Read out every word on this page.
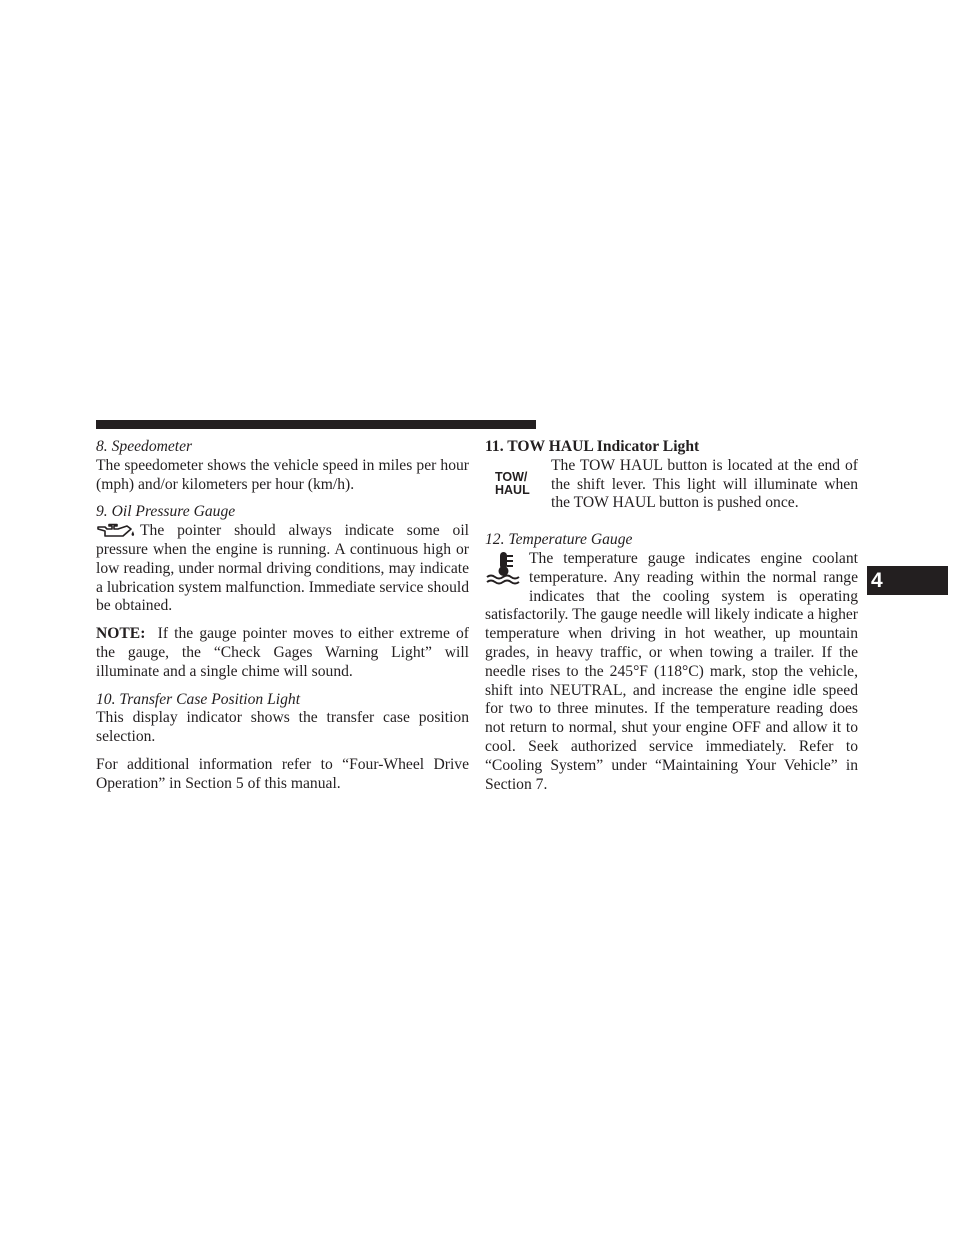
4

8. Speedometer

The speedometer shows the vehicle speed in miles per hour (mph) and/or kilometers per hour (km/h).

9. Oil Pressure Gauge

The pointer should always indicate some oil pressure when the engine is running. A continuous high or low reading, under normal driving conditions, may indicate a lubrication system malfunction. Immediate service should be obtained.

NOTE: If the gauge pointer moves to either extreme of the gauge, the “Check Gages Warning Light” will illuminate and a single chime will sound.

10. Transfer Case Position Light

This display indicator shows the transfer case position selection.

For additional information refer to “Four-Wheel Drive Operation” in Section 5 of this manual.

11. TOW HAUL Indicator Light

TOW/
HAUL

The TOW HAUL button is located at the end of the shift lever. This light will illuminate when the TOW HAUL button is pushed once.

12. Temperature Gauge

The temperature gauge indicates engine coolant temperature. Any reading within the normal range indicates that the cooling system is operating satisfactorily. The gauge needle will likely indicate a higher temperature when driving in hot weather, up mountain grades, in heavy traffic, or when towing a trailer. If the needle rises to the 245°F (118°C) mark, stop the vehicle, shift into NEUTRAL, and increase the engine idle speed for two to three minutes. If the temperature reading does not return to normal, shut your engine OFF and allow it to cool. Seek authorized service immediately. Refer to “Cooling System” under “Maintaining Your Vehicle” in Section 7.
